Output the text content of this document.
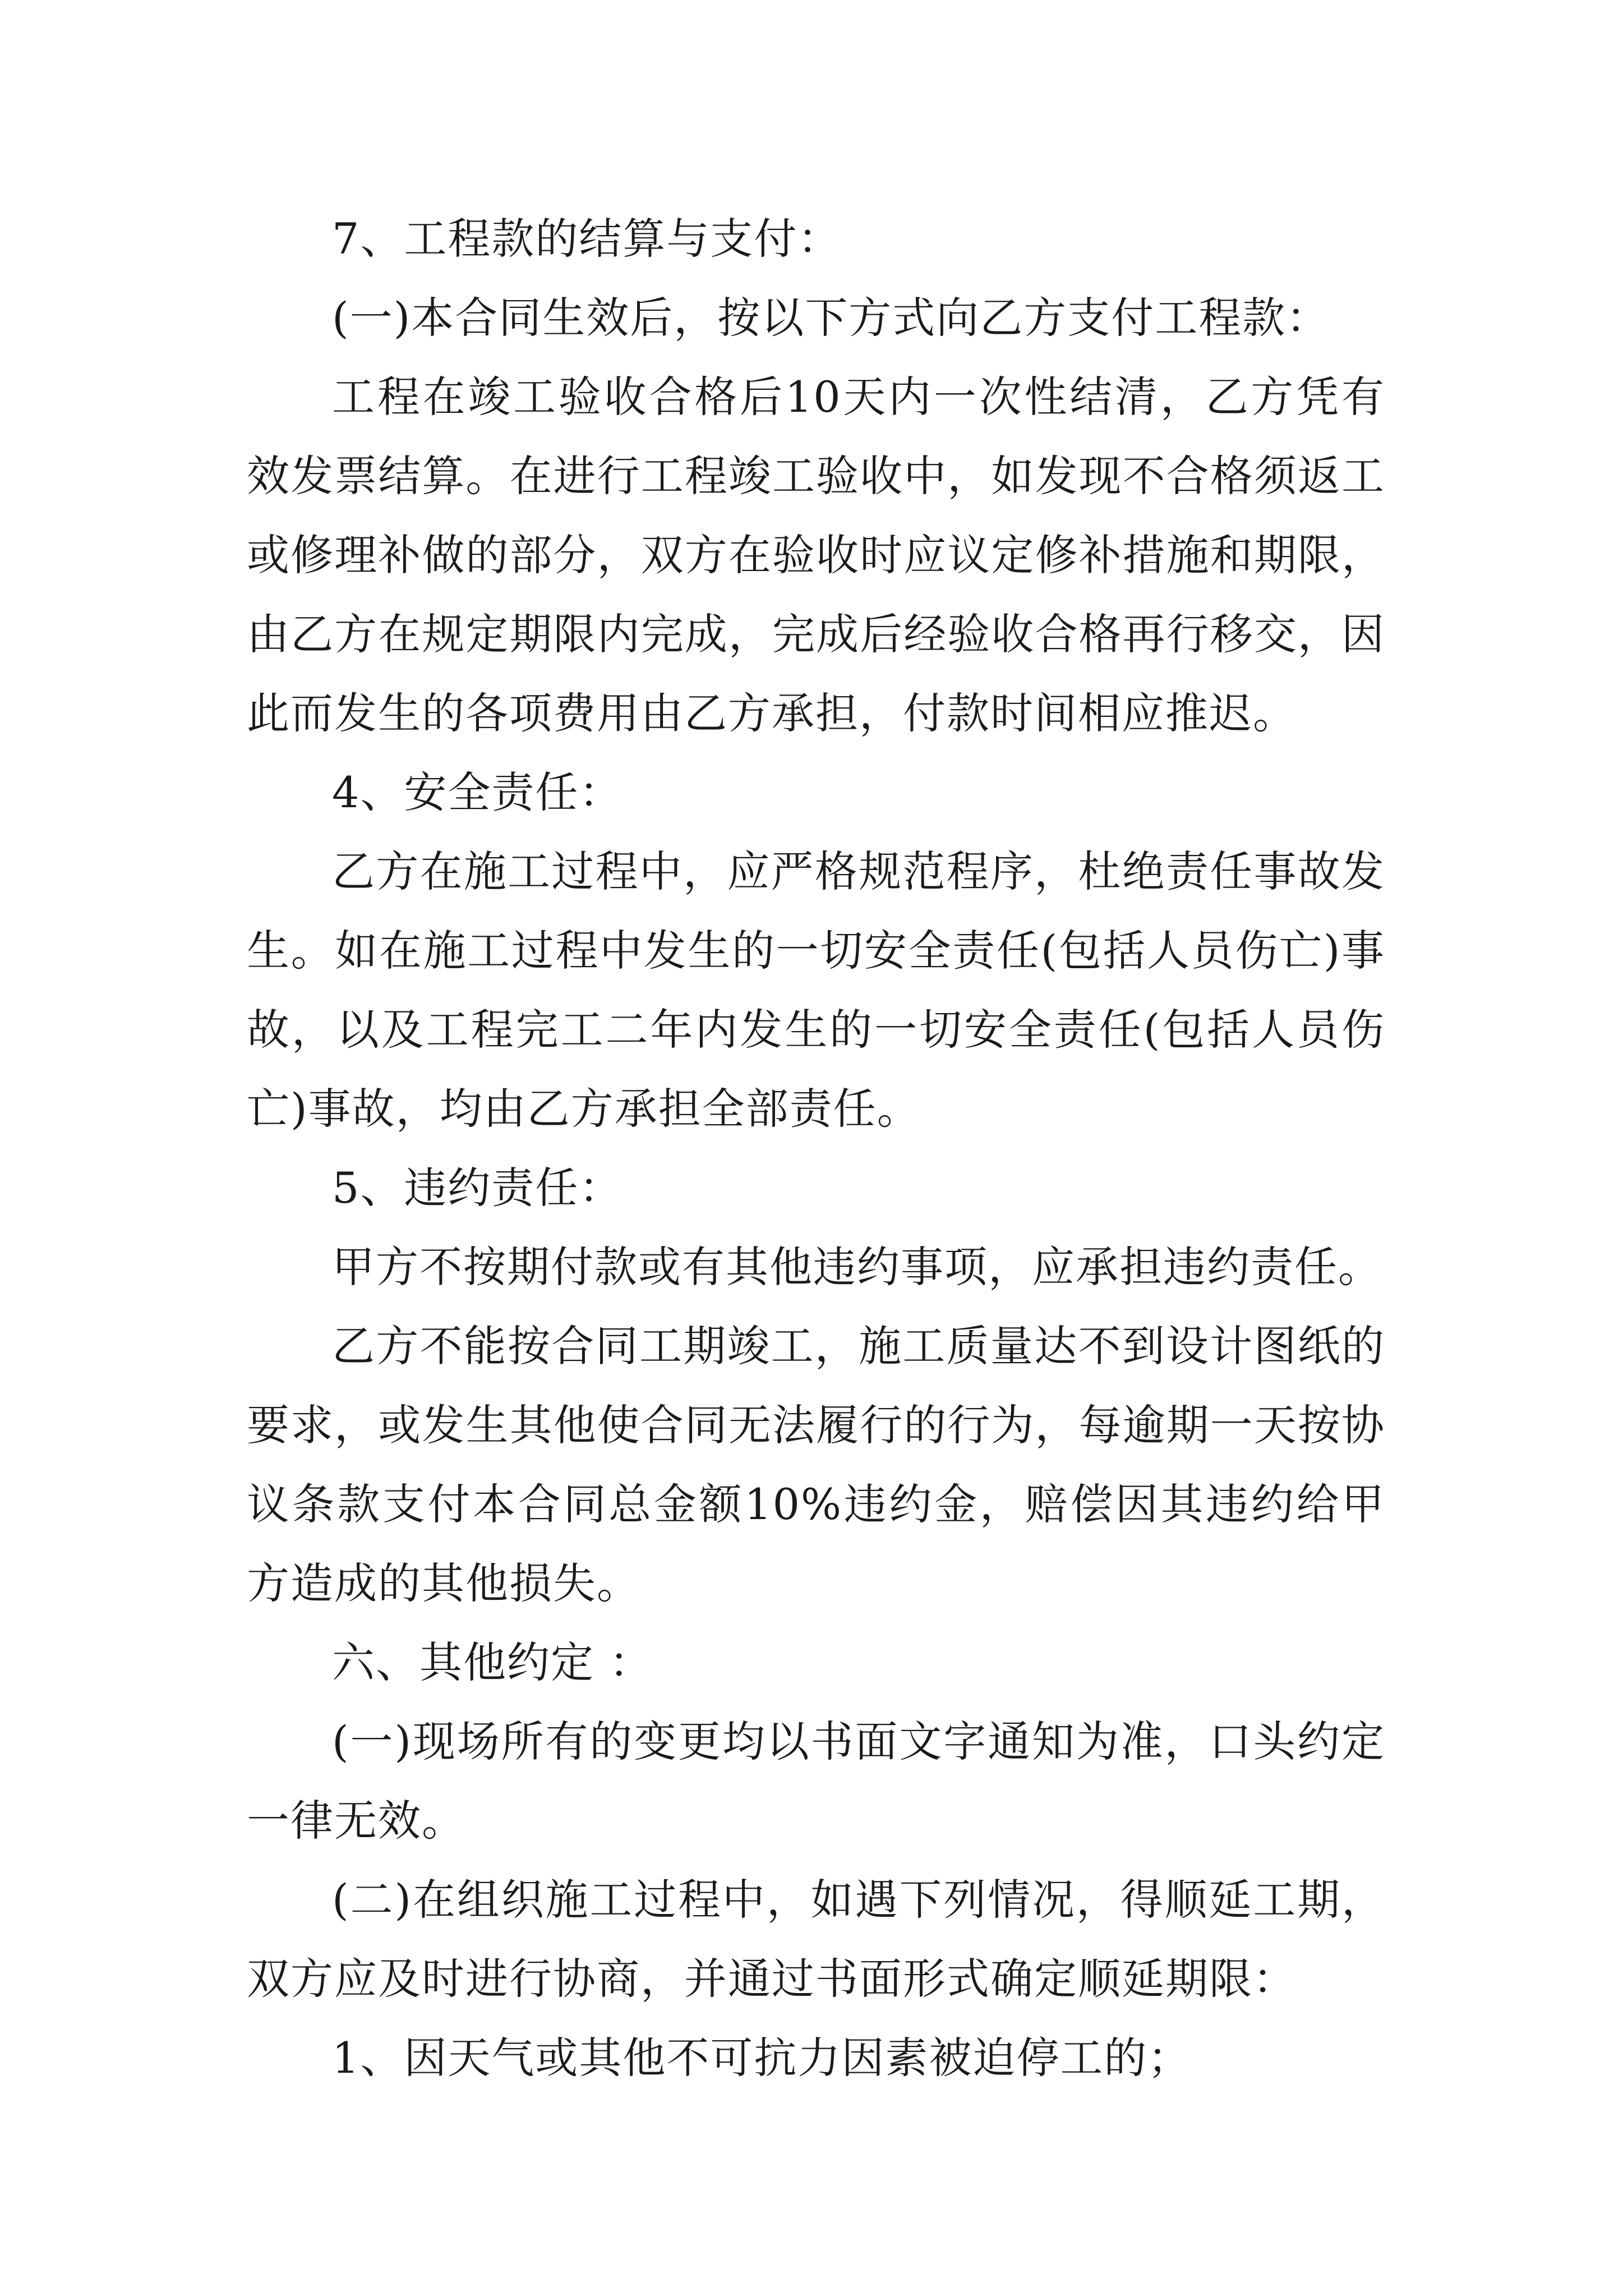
7、工程款的结算与支付：

(一)本合同生效后，按以下方式向乙方支付工程款：

工程在竣工验收合格后10天内一次性结清，乙方凭有效发票结算。在进行工程竣工验收中，如发现不合格须返工或修理补做的部分，双方在验收时应议定修补措施和期限，由乙方在规定期限内完成，完成后经验收合格再行移交，因此而发生的各项费用由乙方承担，付款时间相应推迟。

4、安全责任：

乙方在施工过程中，应严格规范程序，杜绝责任事故发生。如在施工过程中发生的一切安全责任(包括人员伤亡)事故，以及工程完工二年内发生的一切安全责任(包括人员伤亡)事故，均由乙方承担全部责任。

5、违约责任：

甲方不按期付款或有其他违约事项，应承担违约责任。

乙方不能按合同工期竣工，施工质量达不到设计图纸的要求，或发生其他使合同无法履行的行为，每逾期一天按协议条款支付本合同总金额10%违约金，赔偿因其违约给甲方造成的其他损失。

六、其他约定 ：

(一)现场所有的变更均以书面文字通知为准，口头约定一律无效。

(二)在组织施工过程中，如遇下列情况，得顺延工期，双方应及时进行协商，并通过书面形式确定顺延期限：

1、因天气或其他不可抗力因素被迫停工的；
